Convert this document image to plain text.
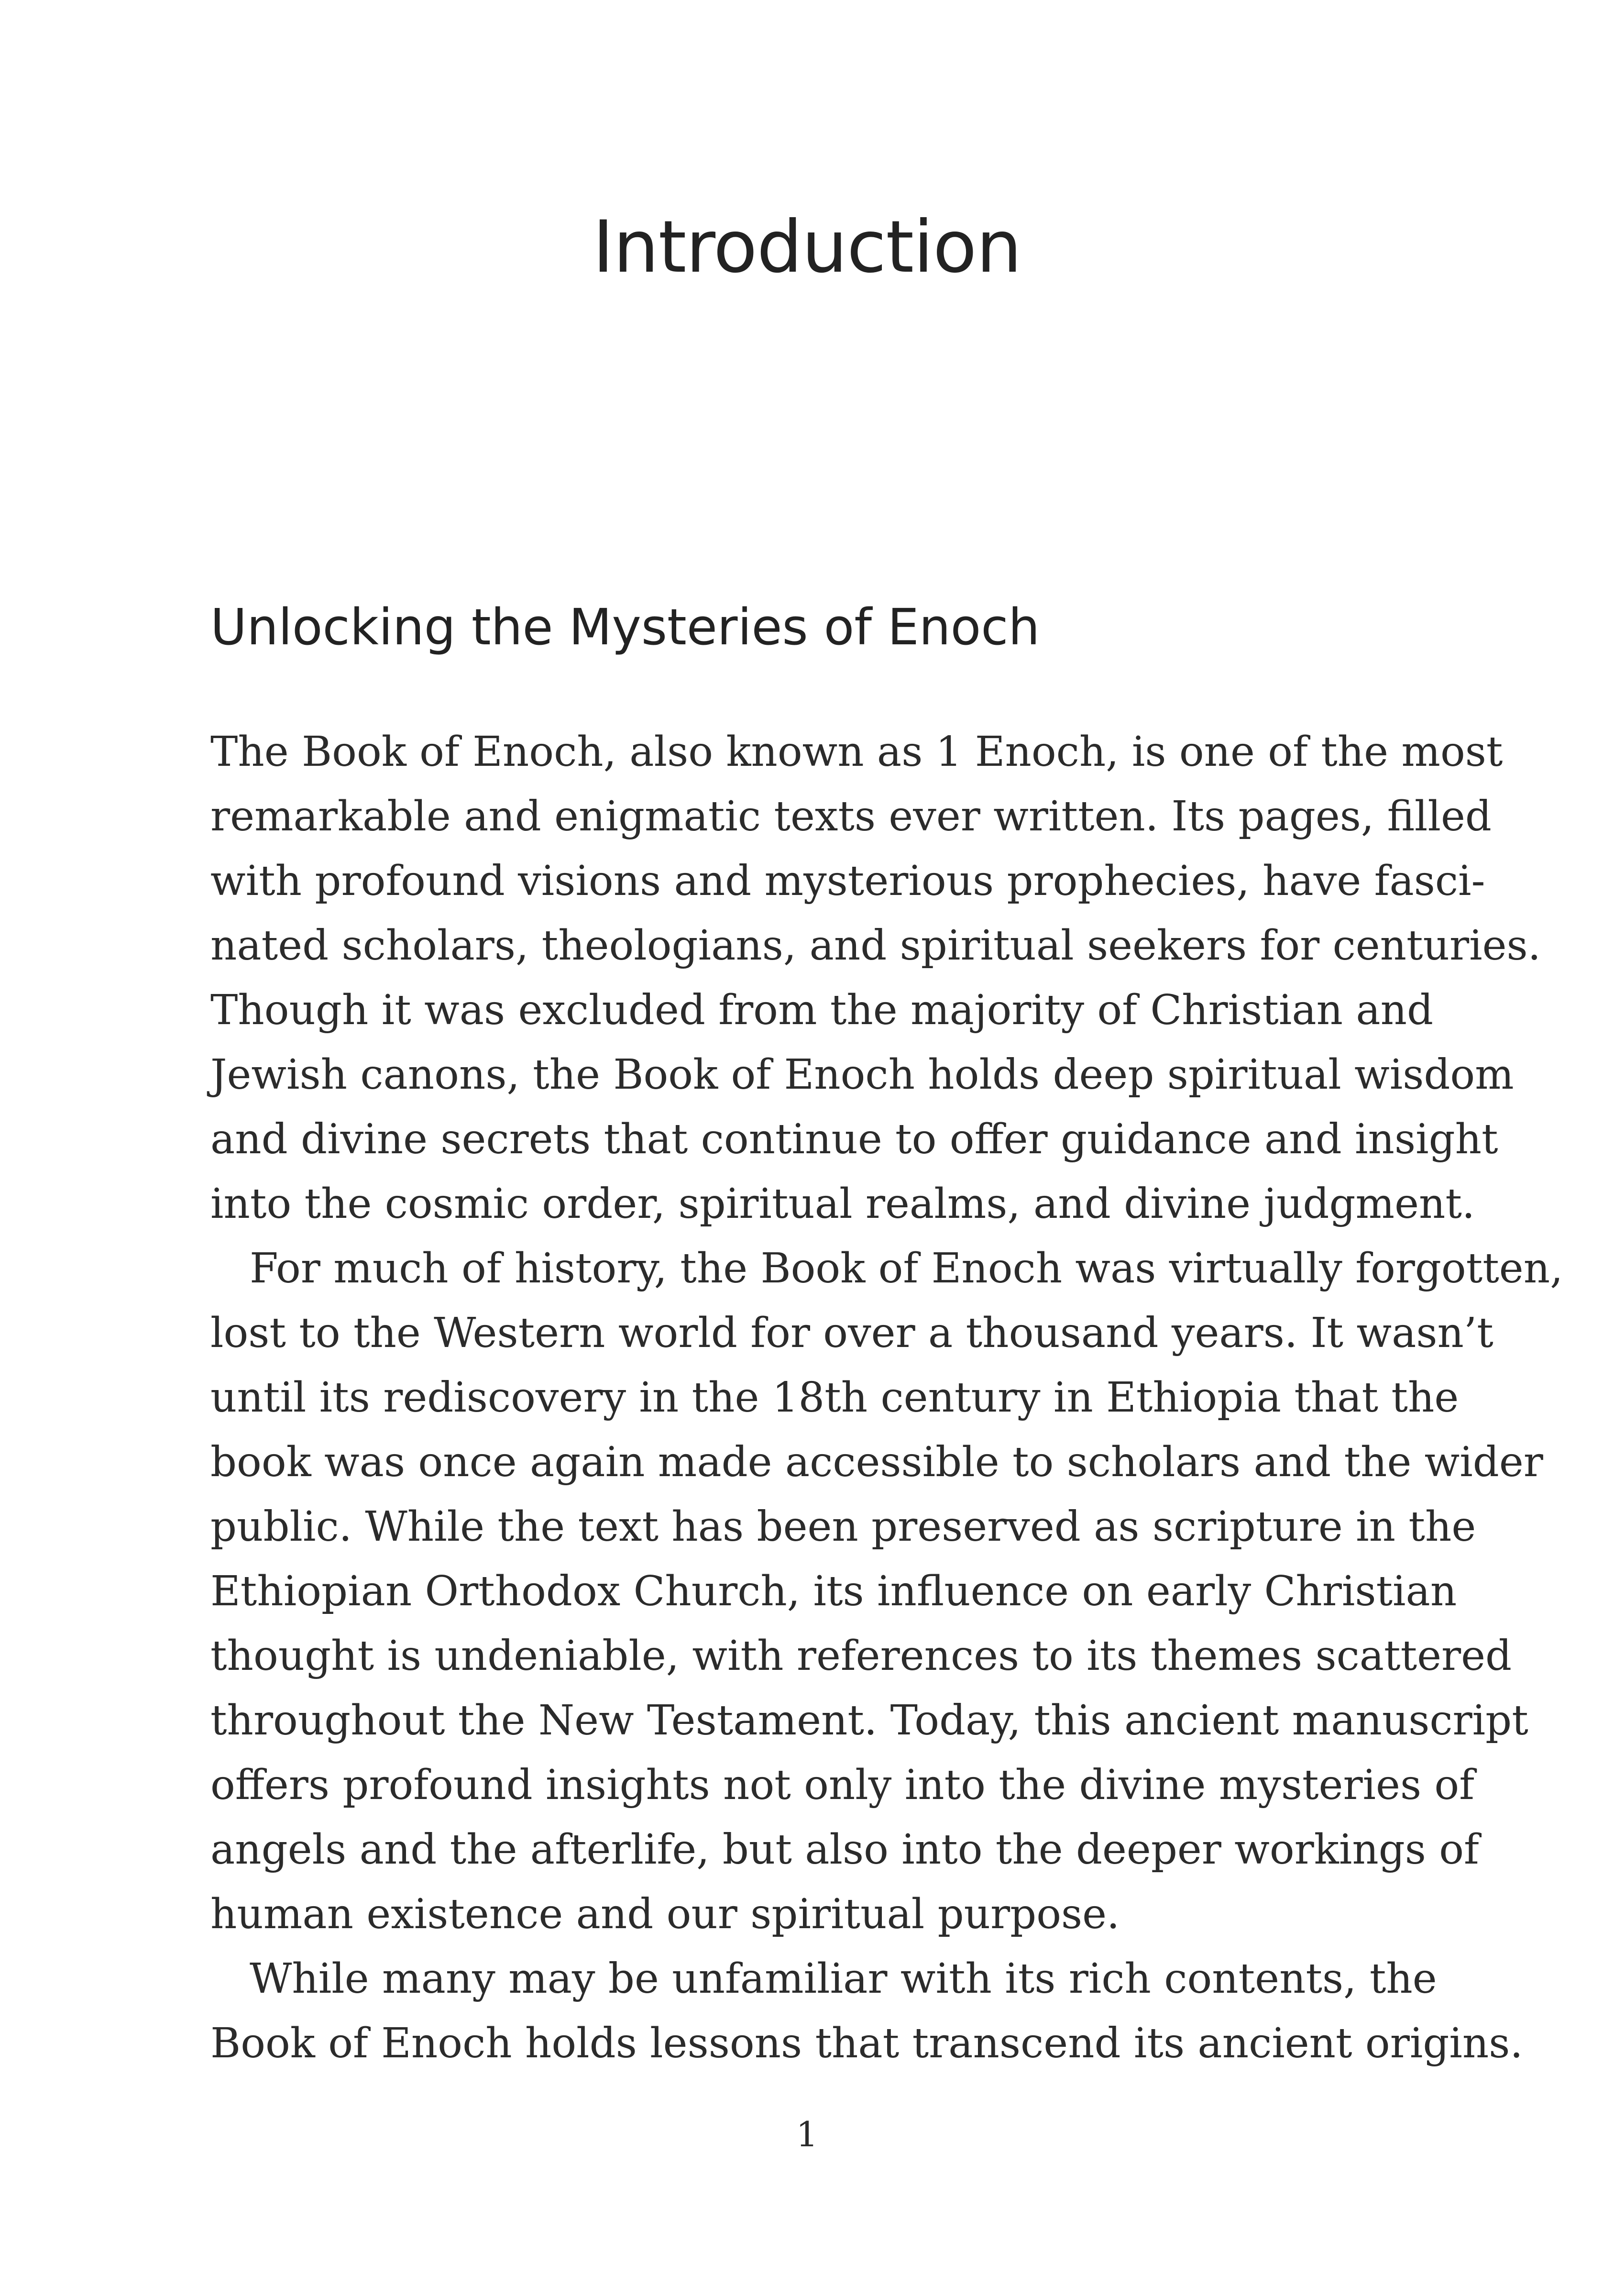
Introduction
Unlocking the Mysteries of Enoch
The Book of Enoch, also known as 1 Enoch, is one of the most
remarkable and enigmatic texts ever written. Its pages, filled
with profound visions and mysterious prophecies, have fasci-
nated scholars, theologians, and spiritual seekers for centuries.
Though it was excluded from the majority of Christian and
Jewish canons, the Book of Enoch holds deep spiritual wisdom
and divine secrets that continue to offer guidance and insight
into the cosmic order, spiritual realms, and divine judgment.
For much of history, the Book of Enoch was virtually forgotten,
lost to the Western world for over a thousand years. It wasn’t
until its rediscovery in the 18th century in Ethiopia that the
book was once again made accessible to scholars and the wider
public. While the text has been preserved as scripture in the
Ethiopian Orthodox Church, its influence on early Christian
thought is undeniable, with references to its themes scattered
throughout the New Testament. Today, this ancient manuscript
offers profound insights not only into the divine mysteries of
angels and the afterlife, but also into the deeper workings of
human existence and our spiritual purpose.
While many may be unfamiliar with its rich contents, the
Book of Enoch holds lessons that transcend its ancient origins.
1
